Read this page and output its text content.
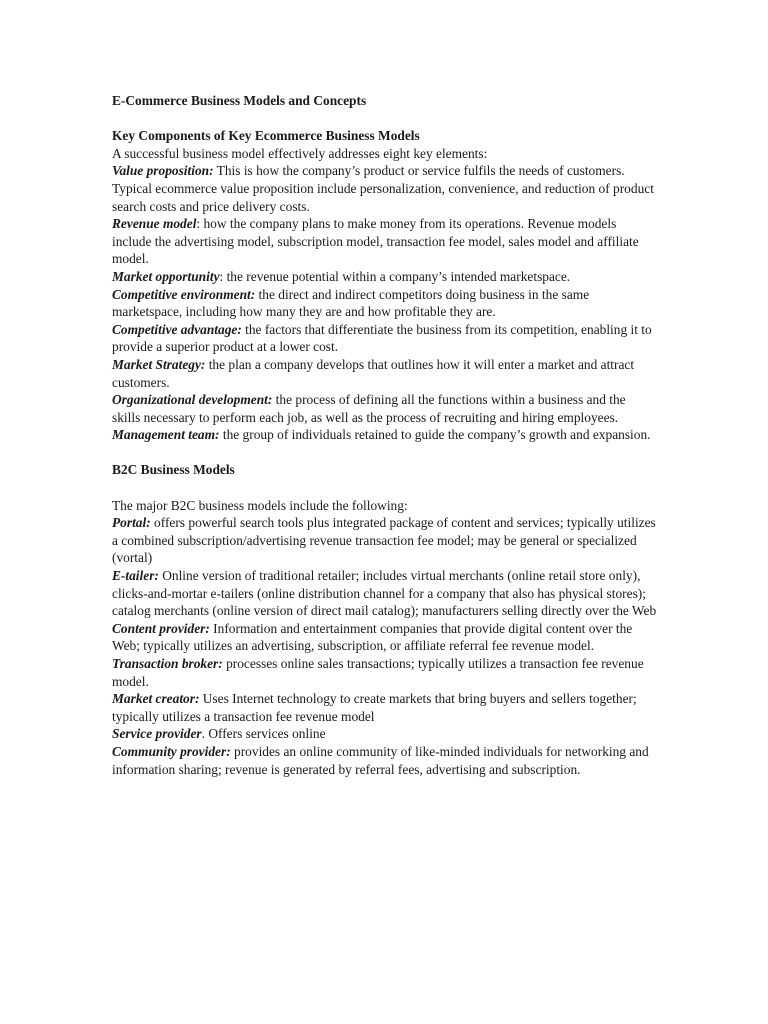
E-Commerce Business Models and Concepts

Key Components of Key Ecommerce Business Models

A successful business model effectively addresses eight key elements:

Value proposition: This is how the company’s product or service fulfils the needs of customers. Typical ecommerce value proposition include personalization, convenience, and reduction of product search costs and price delivery costs.

Revenue model: how the company plans to make money from its operations. Revenue models include the advertising model, subscription model, transaction fee model, sales model and affiliate model.

Market opportunity: the revenue potential within a company’s intended marketspace.

Competitive environment: the direct and indirect competitors doing business in the same marketspace, including how many they are and how profitable they are.

Competitive advantage: the factors that differentiate the business from its competition, enabling it to provide a superior product at a lower cost.

Market Strategy: the plan a company develops that outlines how it will enter a market and attract customers.

Organizational development: the process of defining all the functions within a business and the skills necessary to perform each job, as well as the process of recruiting and hiring employees.

Management team: the group of individuals retained to guide the company’s growth and expansion.

B2C Business Models

The major B2C business models include the following:

Portal: offers powerful search tools plus integrated package of content and services; typically utilizes a combined subscription/advertising revenue transaction fee model; may be general or specialized (vortal)

E-tailer: Online version of traditional retailer; includes virtual merchants (online retail store only), clicks-and-mortar e-tailers (online distribution channel for a company that also has physical stores); catalog merchants (online version of direct mail catalog); manufacturers selling directly over the Web

Content provider: Information and entertainment companies that provide digital content over the Web; typically utilizes an advertising, subscription, or affiliate referral fee revenue model.

Transaction broker: processes online sales transactions; typically utilizes a transaction fee revenue model.

Market creator: Uses Internet technology to create markets that bring buyers and sellers together; typically utilizes a transaction fee revenue model

Service provider. Offers services online

Community provider: provides an online community of like-minded individuals for networking and information sharing; revenue is generated by referral fees, advertising and subscription.
